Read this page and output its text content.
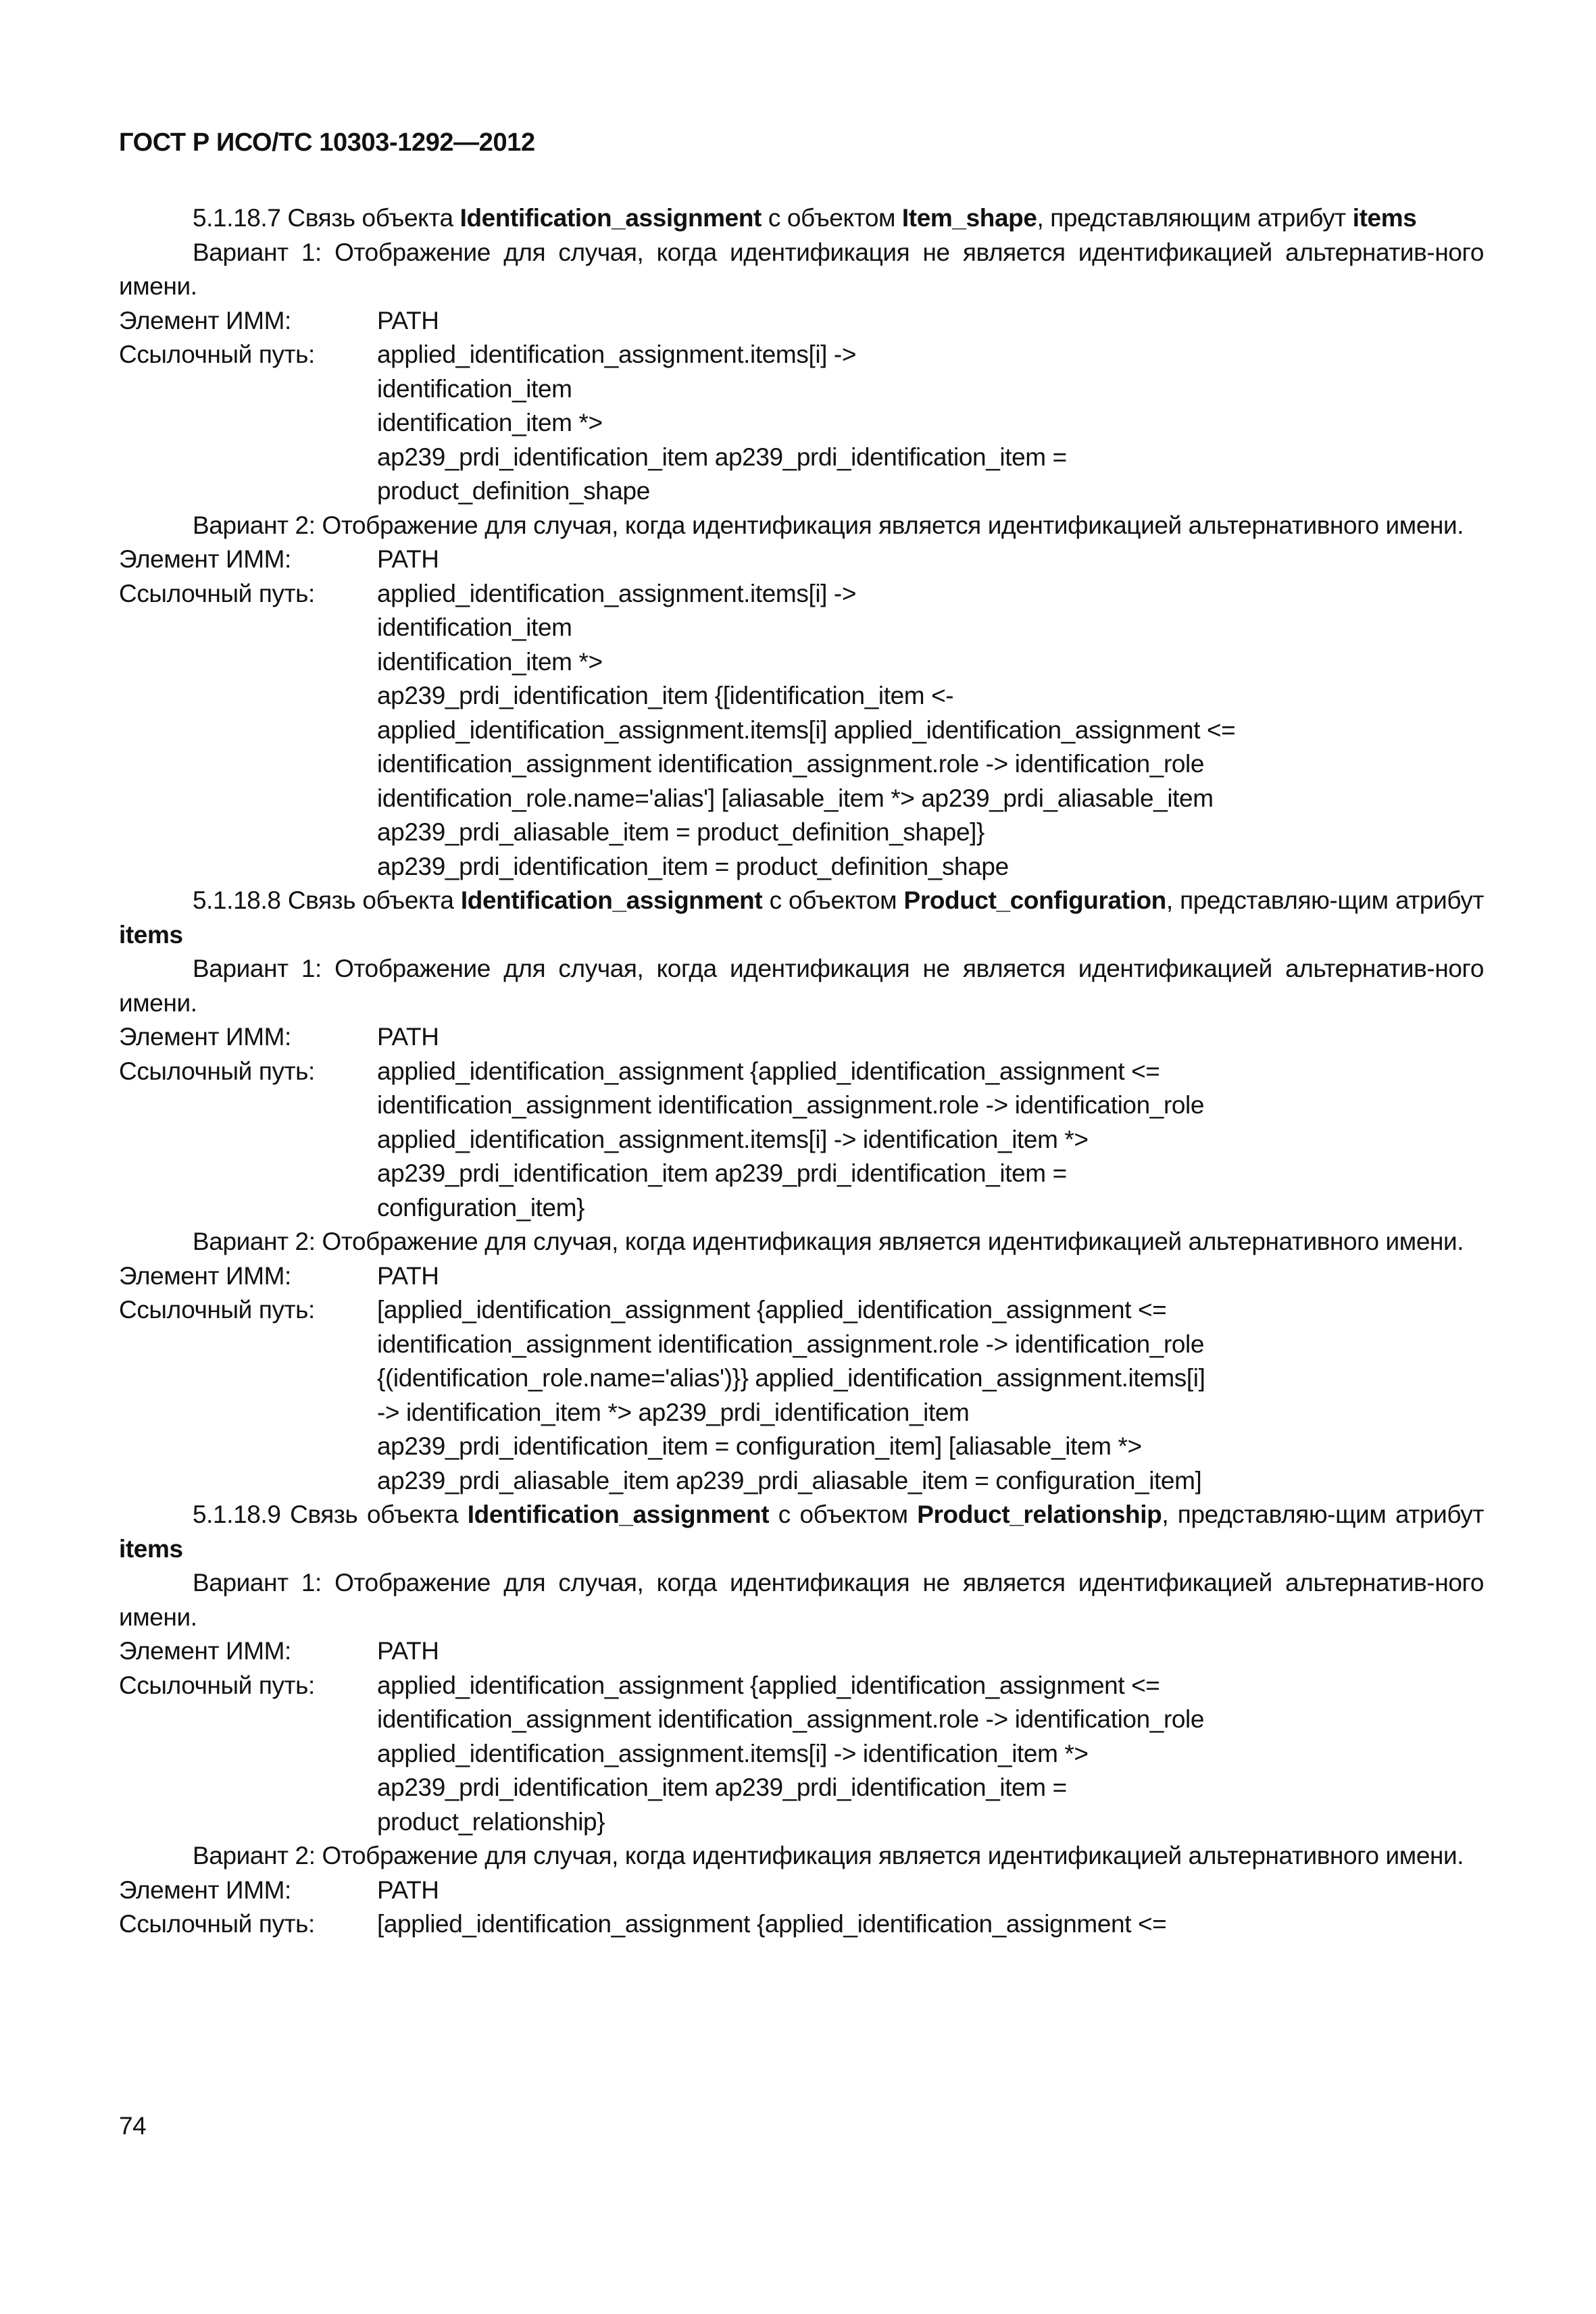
ГОСТ Р ИСО/ТС 10303-1292—2012
5.1.18.7 Связь объекта Identification_assignment с объектом Item_shape, представляющим атрибут items
Вариант 1: Отображение для случая, когда идентификация не является идентификацией альтернатив-ного имени.
Элемент ИММ:	PATH
Ссылочный путь:	applied_identification_assignment.items[i] ->
identification_item
identification_item *>
ap239_prdi_identification_item ap239_prdi_identification_item =
product_definition_shape
Вариант 2: Отображение для случая, когда идентификация является идентификацией альтернативного имени.
Элемент ИММ:	PATH
Ссылочный путь:	applied_identification_assignment.items[i] ->
identification_item
identification_item *>
ap239_prdi_identification_item {[identification_item <-
applied_identification_assignment.items[i] applied_identification_assignment <=
identification_assignment identification_assignment.role -> identification_role
identification_role.name='alias'] [aliasable_item *> ap239_prdi_aliasable_item
ap239_prdi_aliasable_item = product_definition_shape]}
ap239_prdi_identification_item = product_definition_shape
5.1.18.8 Связь объекта Identification_assignment с объектом Product_configuration, представляю-щим атрибут items
Вариант 1: Отображение для случая, когда идентификация не является идентификацией альтернатив-ного имени.
Элемент ИММ:	PATH
Ссылочный путь:	applied_identification_assignment {applied_identification_assignment <=
identification_assignment identification_assignment.role -> identification_role
applied_identification_assignment.items[i] -> identification_item *>
ap239_prdi_identification_item ap239_prdi_identification_item =
configuration_item}
Вариант 2: Отображение для случая, когда идентификация является идентификацией альтернативного имени.
Элемент ИММ:	PATH
Ссылочный путь:	[applied_identification_assignment {applied_identification_assignment <=
identification_assignment identification_assignment.role -> identification_role
{(identification_role.name='alias')}} applied_identification_assignment.items[i]
-> identification_item *> ap239_prdi_identification_item
ap239_prdi_identification_item = configuration_item] [aliasable_item *>
ap239_prdi_aliasable_item ap239_prdi_aliasable_item = configuration_item]
5.1.18.9 Связь объекта Identification_assignment с объектом Product_relationship, представляю-щим атрибут items
Вариант 1: Отображение для случая, когда идентификация не является идентификацией альтернатив-ного имени.
Элемент ИММ:	PATH
Ссылочный путь:	applied_identification_assignment {applied_identification_assignment <=
identification_assignment identification_assignment.role -> identification_role
applied_identification_assignment.items[i] -> identification_item *>
ap239_prdi_identification_item ap239_prdi_identification_item =
product_relationship}
Вариант 2: Отображение для случая, когда идентификация является идентификацией альтернативного имени.
Элемент ИММ:	PATH
Ссылочный путь:	[applied_identification_assignment {applied_identification_assignment <=
74
